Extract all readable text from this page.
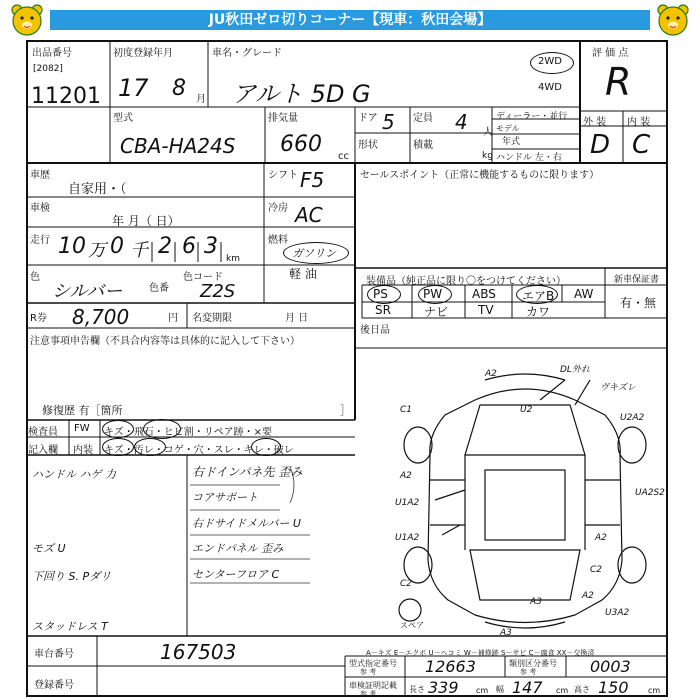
JU秋田ゼロ切りコーナー【現車：秋田会場】
出品番号
[2082]
11201
初度登録年月
17 8 月
車名・グレード
アルト 5D G
2WD
4WD
評 価 点
R
型式
CBA-HA24S
排気量
660 cc
ドア 5 定員 4 人
形状	積載
kg
ディーラー・並行
モデル
年式
ハンドル 左・右
外 装 内 装
D C
車歴
自家用・（
シフト F5
車検
年 月（ 日）
冷房 AC
走行 10 万 0 千 2 6 3 km
燃料
ガソリン
軽 油
色
シルバー	色番
色コード
Z2S
R券 8,700	円 名変期限	月 日
注意事項申告欄（不具合内容等は具体的に記入して下さい）
修復歴 有［箇所	］
検査員
記入欄
FW
内装
キズ・飛石・ヒビ割・リペア跡・×要
キズ・汚レ・コゲ・穴・スレ・キレ・破レ
ハンドル ハゲ 力	右ドインパネ先 歪み
コアサポート
右ドサイドメルバー U
モズ U	エンドパネル 歪み
下回り S. Pダリ	センターフロア C
スタッドレス T
セールスポイント（正常に機能するものに限ります）
装備品（純正品に限り〇をつけてください）	新車保証書
有・無
PS	PW ABS エアB AW
SR	ナビ TV	カワ
後日品
DL外れ
ヴキズレ
A2
C1	U2
U2A2
A2
U1A2
U1A2
UA2S2
A2
C2
A3
A3
U3A2
A2
C2
スペア
A－キズ E－エクボ U－ヘコミ W－補修跡 S－サビ C－腐食 XX－交換済
車台番号	167503
登録番号
型式指定番号
参 考	12663	類別区分番号
参 考	0003
車検証明記載
参 考	長さ 339 cm 幅 147 cm 高さ 150 cm
